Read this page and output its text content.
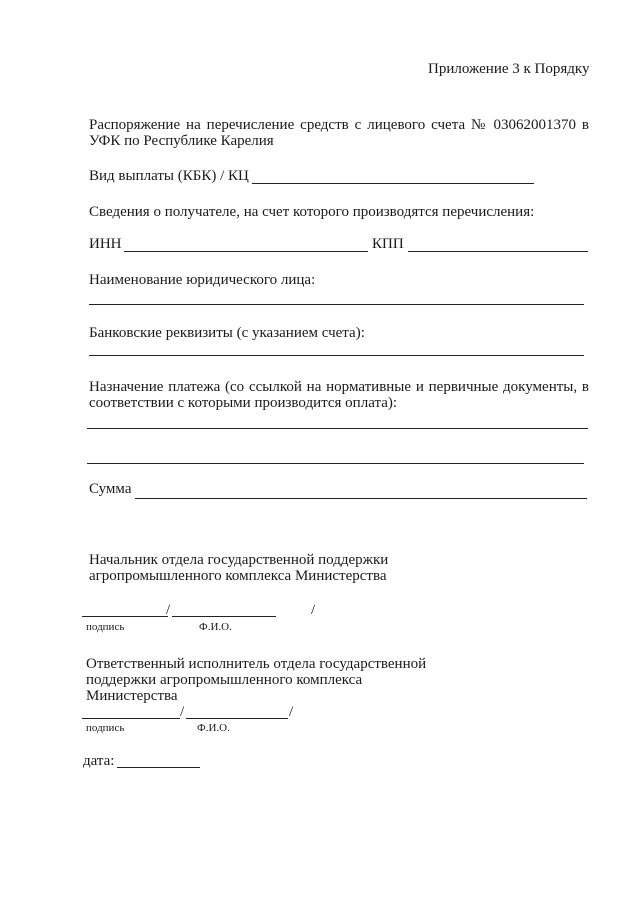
Приложение 3 к Порядку
Распоряжение на перечисление средств с лицевого счета № 03062001370 в
УФК по Республике Карелия
Вид выплаты (КБК) / КЦ
Сведения о получателе, на счет которого производятся перечисления:
ИНН	КПП
Наименование юридического лица:
Банковские реквизиты (с указанием счета):
Назначение платежа (со ссылкой на нормативные и первичные документы, в
соответствии с которыми производится оплата):
Сумма
Начальник отдела государственной поддержки
агропромышленного комплекса Министерства
/	/
подпись	Ф.И.О.
Ответственный исполнитель отдела государственной
поддержки агропромышленного комплекса
Министерства
/	/
подпись	Ф.И.О.
дата:
